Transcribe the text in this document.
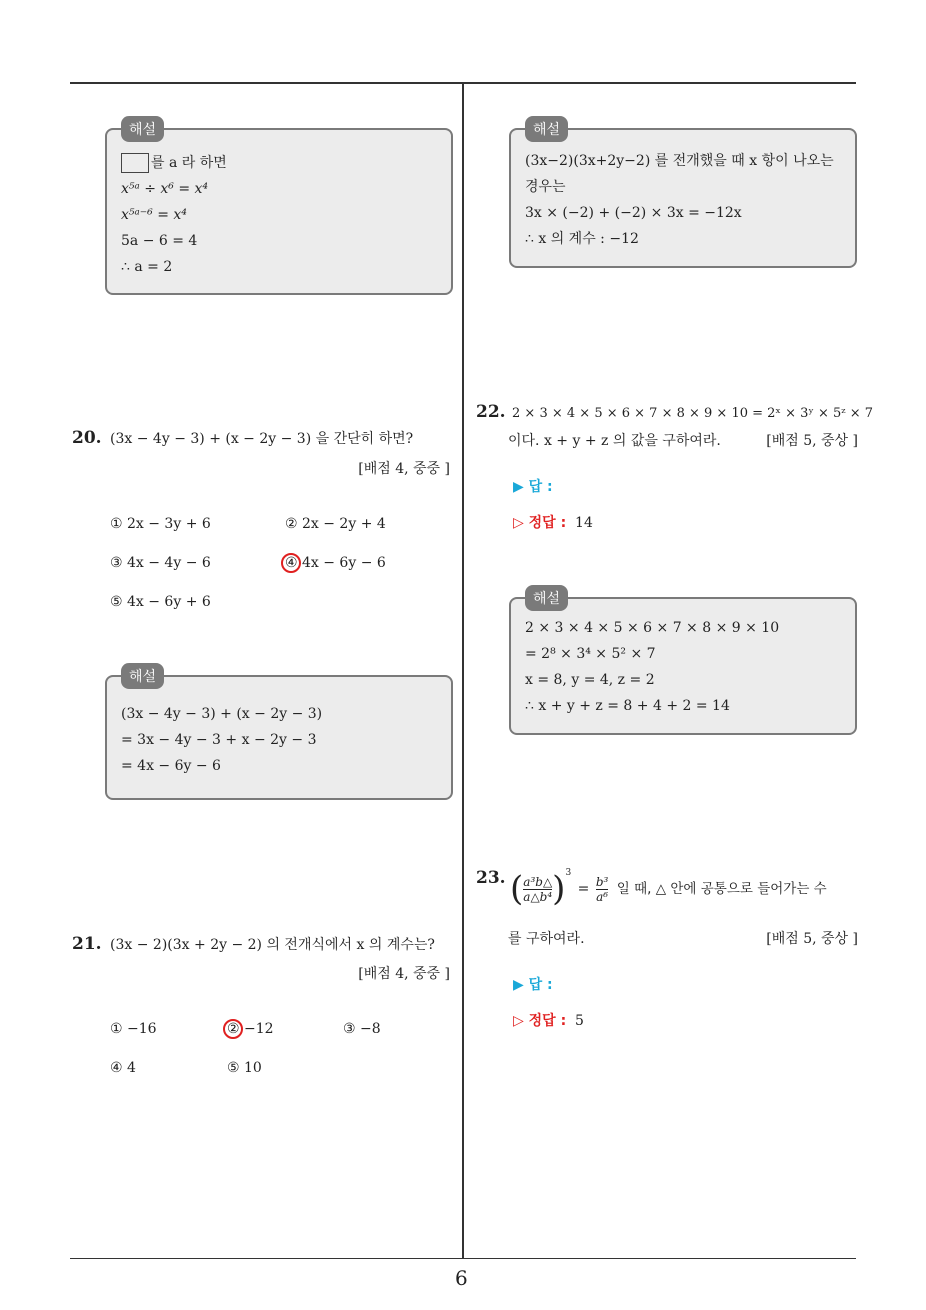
6
해설
를 a 라 하면
x⁵ᵃ ÷ x⁶ = x⁴
x⁵ᵃ⁻⁶ = x⁴
5a − 6 = 4
∴ a = 2
20. (3x − 4y − 3) + (x − 2y − 3) 을 간단히 하면?
[배점 4, 중중 ]
① 2x − 3y + 6	② 2x − 2y + 4
③ 4x − 4y − 6	④ 4x − 6y − 6
⑤ 4x − 6y + 6
해설
(3x − 4y − 3) + (x − 2y − 3)
= 3x − 4y − 3 + x − 2y − 3
= 4x − 6y − 6
21. (3x − 2)(3x + 2y − 2) 의 전개식에서 x 의 계수는?
[배점 4, 중중 ]
① −16	② −12	③ −8
④ 4	⑤ 10
해설
(3x−2)(3x+2y−2) 를 전개했을 때 x 항이 나오는
경우는
3x × (−2) + (−2) × 3x = −12x
∴ x 의 계수 : −12
22. 2 × 3 × 4 × 5 × 6 × 7 × 8 × 9 × 10 = 2ˣ × 3ʸ × 5ᶻ × 7
이다. x + y + z 의 값을 구하여라.	[배점 5, 중상 ]
▶ 답 :
▷ 정답 : 14
해설
2 × 3 × 4 × 5 × 6 × 7 × 8 × 9 × 10
= 2⁸ × 3⁴ × 5² × 7
x = 8, y = 4, z = 2
∴ x + y + z = 8 + 4 + 2 = 14
23. ( $\frac{\text{a³b△}}{\text{a△b⁴}} )^3 = \frac{\text{b³}}{\text{a⁶}}$ 일 때, △ 안에 공통으로 들어가는 수
를 구하여라.	[배점 5, 중상 ]
▶ 답 :
▷ 정답 : 5
